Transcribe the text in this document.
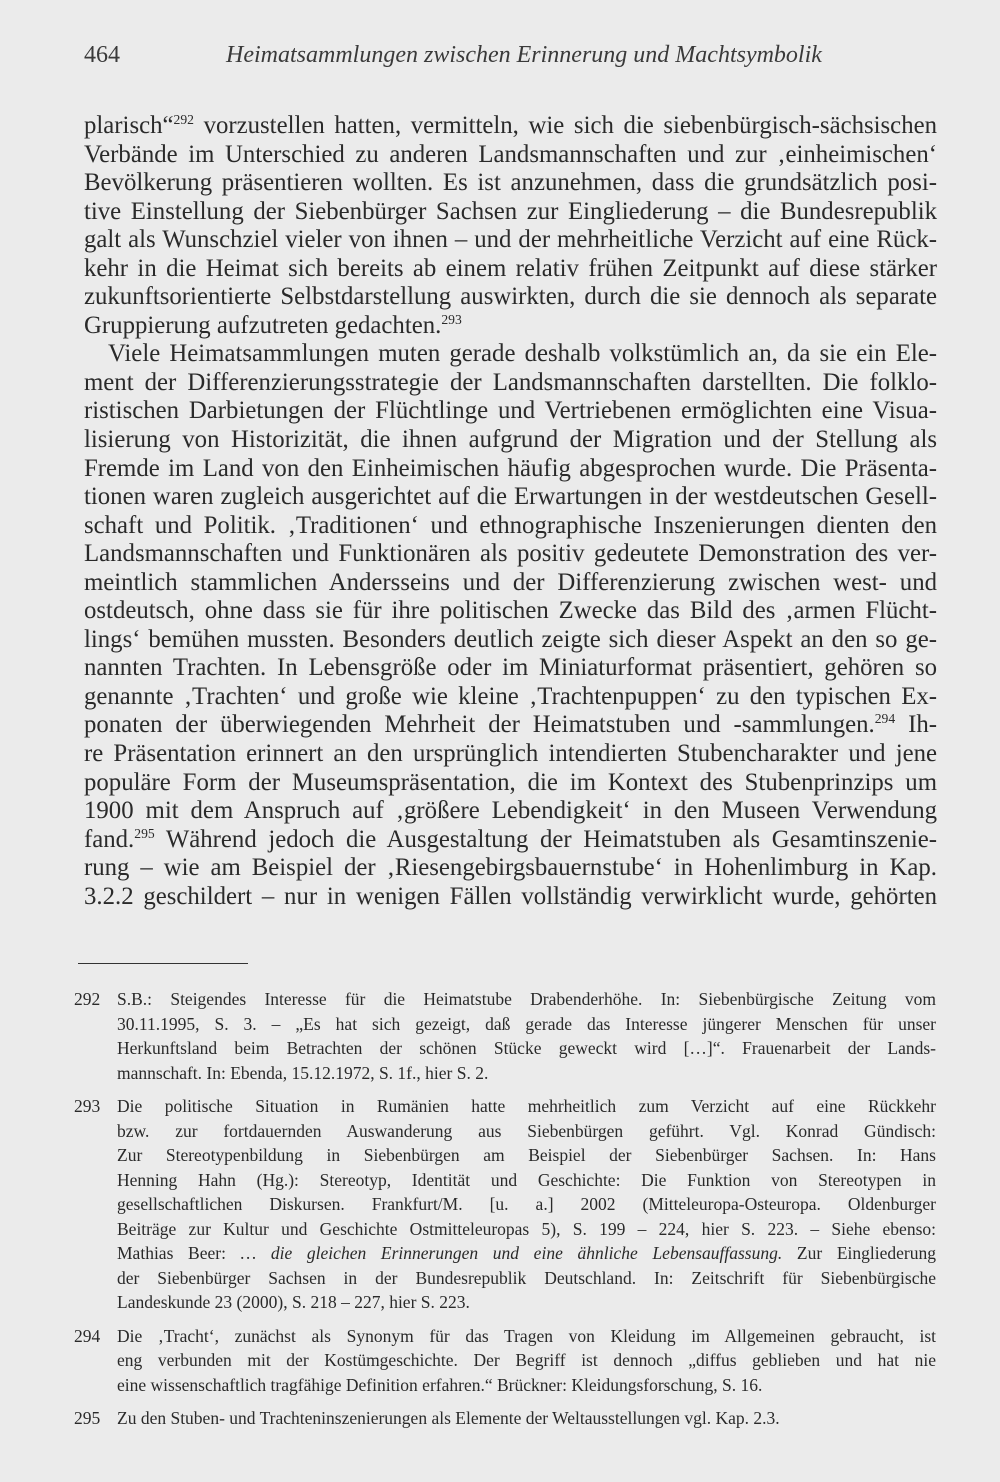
464	Heimatsammlungen zwischen Erinnerung und Machtsymbolik
plarisch“$^{292}$ vorzustellen hatten, vermitteln, wie sich die siebenbürgisch-sächsischen
Verbände im Unterschied zu anderen Landsmannschaften und zur ‚einheimischen‘
Bevölkerung präsentieren wollten. Es ist anzunehmen, dass die grundsätzlich posi-
tive Einstellung der Siebenbürger Sachsen zur Eingliederung – die Bundesrepublik
galt als Wunschziel vieler von ihnen – und der mehrheitliche Verzicht auf eine Rück-
kehr in die Heimat sich bereits ab einem relativ frühen Zeitpunkt auf diese stärker
zukunftsorientierte Selbstdarstellung auswirkten, durch die sie dennoch als separate
Gruppierung aufzutreten gedachten.$^{293}$
Viele Heimatsammlungen muten gerade deshalb volkstümlich an, da sie ein Ele-
ment der Differenzierungsstrategie der Landsmannschaften darstellten. Die folklo-
ristischen Darbietungen der Flüchtlinge und Vertriebenen ermöglichten eine Visua-
lisierung von Historizität, die ihnen aufgrund der Migration und der Stellung als
Fremde im Land von den Einheimischen häufig abgesprochen wurde. Die Präsenta-
tionen waren zugleich ausgerichtet auf die Erwartungen in der westdeutschen Gesell-
schaft und Politik. ‚Traditionen‘ und ethnographische Inszenierungen dienten den
Landsmannschaften und Funktionären als positiv gedeutete Demonstration des ver-
meintlich stammlichen Andersseins und der Differenzierung zwischen west- und
ostdeutsch, ohne dass sie für ihre politischen Zwecke das Bild des ‚armen Flücht-
lings‘ bemühen mussten. Besonders deutlich zeigte sich dieser Aspekt an den so ge-
nannten Trachten. In Lebensgröße oder im Miniaturformat präsentiert, gehören so
genannte ‚Trachten‘ und große wie kleine ‚Trachtenpuppen‘ zu den typischen Ex-
ponaten der überwiegenden Mehrheit der Heimatstuben und -sammlungen.$^{294}$ Ih-
re Präsentation erinnert an den ursprünglich intendierten Stubencharakter und jene
populäre Form der Museumspräsentation, die im Kontext des Stubenprinzips um
1900 mit dem Anspruch auf ‚größere Lebendigkeit‘ in den Museen Verwendung
fand.$^{295}$ Während jedoch die Ausgestaltung der Heimatstuben als Gesamtinszenie-
rung – wie am Beispiel der ‚Riesengebirgsbauernstube‘ in Hohenlimburg in Kap.
3.2.2 geschildert – nur in wenigen Fällen vollständig verwirklicht wurde, gehörten
292 S.B.: Steigendes Interesse für die Heimatstube Drabenderhöhe. In: Siebenbürgische Zeitung vom
30.11.1995, S. 3. – „Es hat sich gezeigt, daß gerade das Interesse jüngerer Menschen für unser
Herkunftsland beim Betrachten der schönen Stücke geweckt wird […]“. Frauenarbeit der Lands-
mannschaft. In: Ebenda, 15.12.1972, S. 1f., hier S. 2.
293 Die politische Situation in Rumänien hatte mehrheitlich zum Verzicht auf eine Rückkehr
bzw. zur fortdauernden Auswanderung aus Siebenbürgen geführt. Vgl. Konrad Gündisch:
Zur Stereotypenbildung in Siebenbürgen am Beispiel der Siebenbürger Sachsen. In: Hans
Henning Hahn (Hg.): Stereotyp, Identität und Geschichte: Die Funktion von Stereotypen in
gesellschaftlichen Diskursen. Frankfurt/M. [u. a.] 2002 (Mitteleuropa-Osteuropa. Oldenburger
Beiträge zur Kultur und Geschichte Ostmitteleuropas 5), S. 199 – 224, hier S. 223. – Siehe ebenso:
Mathias Beer: … die gleichen Erinnerungen und eine ähnliche Lebensauffassung. Zur Eingliederung
der Siebenbürger Sachsen in der Bundesrepublik Deutschland. In: Zeitschrift für Siebenbürgische
Landeskunde 23 (2000), S. 218 – 227, hier S. 223.
294 Die ‚Tracht‘, zunächst als Synonym für das Tragen von Kleidung im Allgemeinen gebraucht, ist
eng verbunden mit der Kostümgeschichte. Der Begriff ist dennoch „diffus geblieben und hat nie
eine wissenschaftlich tragfähige Definition erfahren.“ Brückner: Kleidungsforschung, S. 16.
295 Zu den Stuben- und Trachteninszenierungen als Elemente der Weltausstellungen vgl. Kap. 2.3.
